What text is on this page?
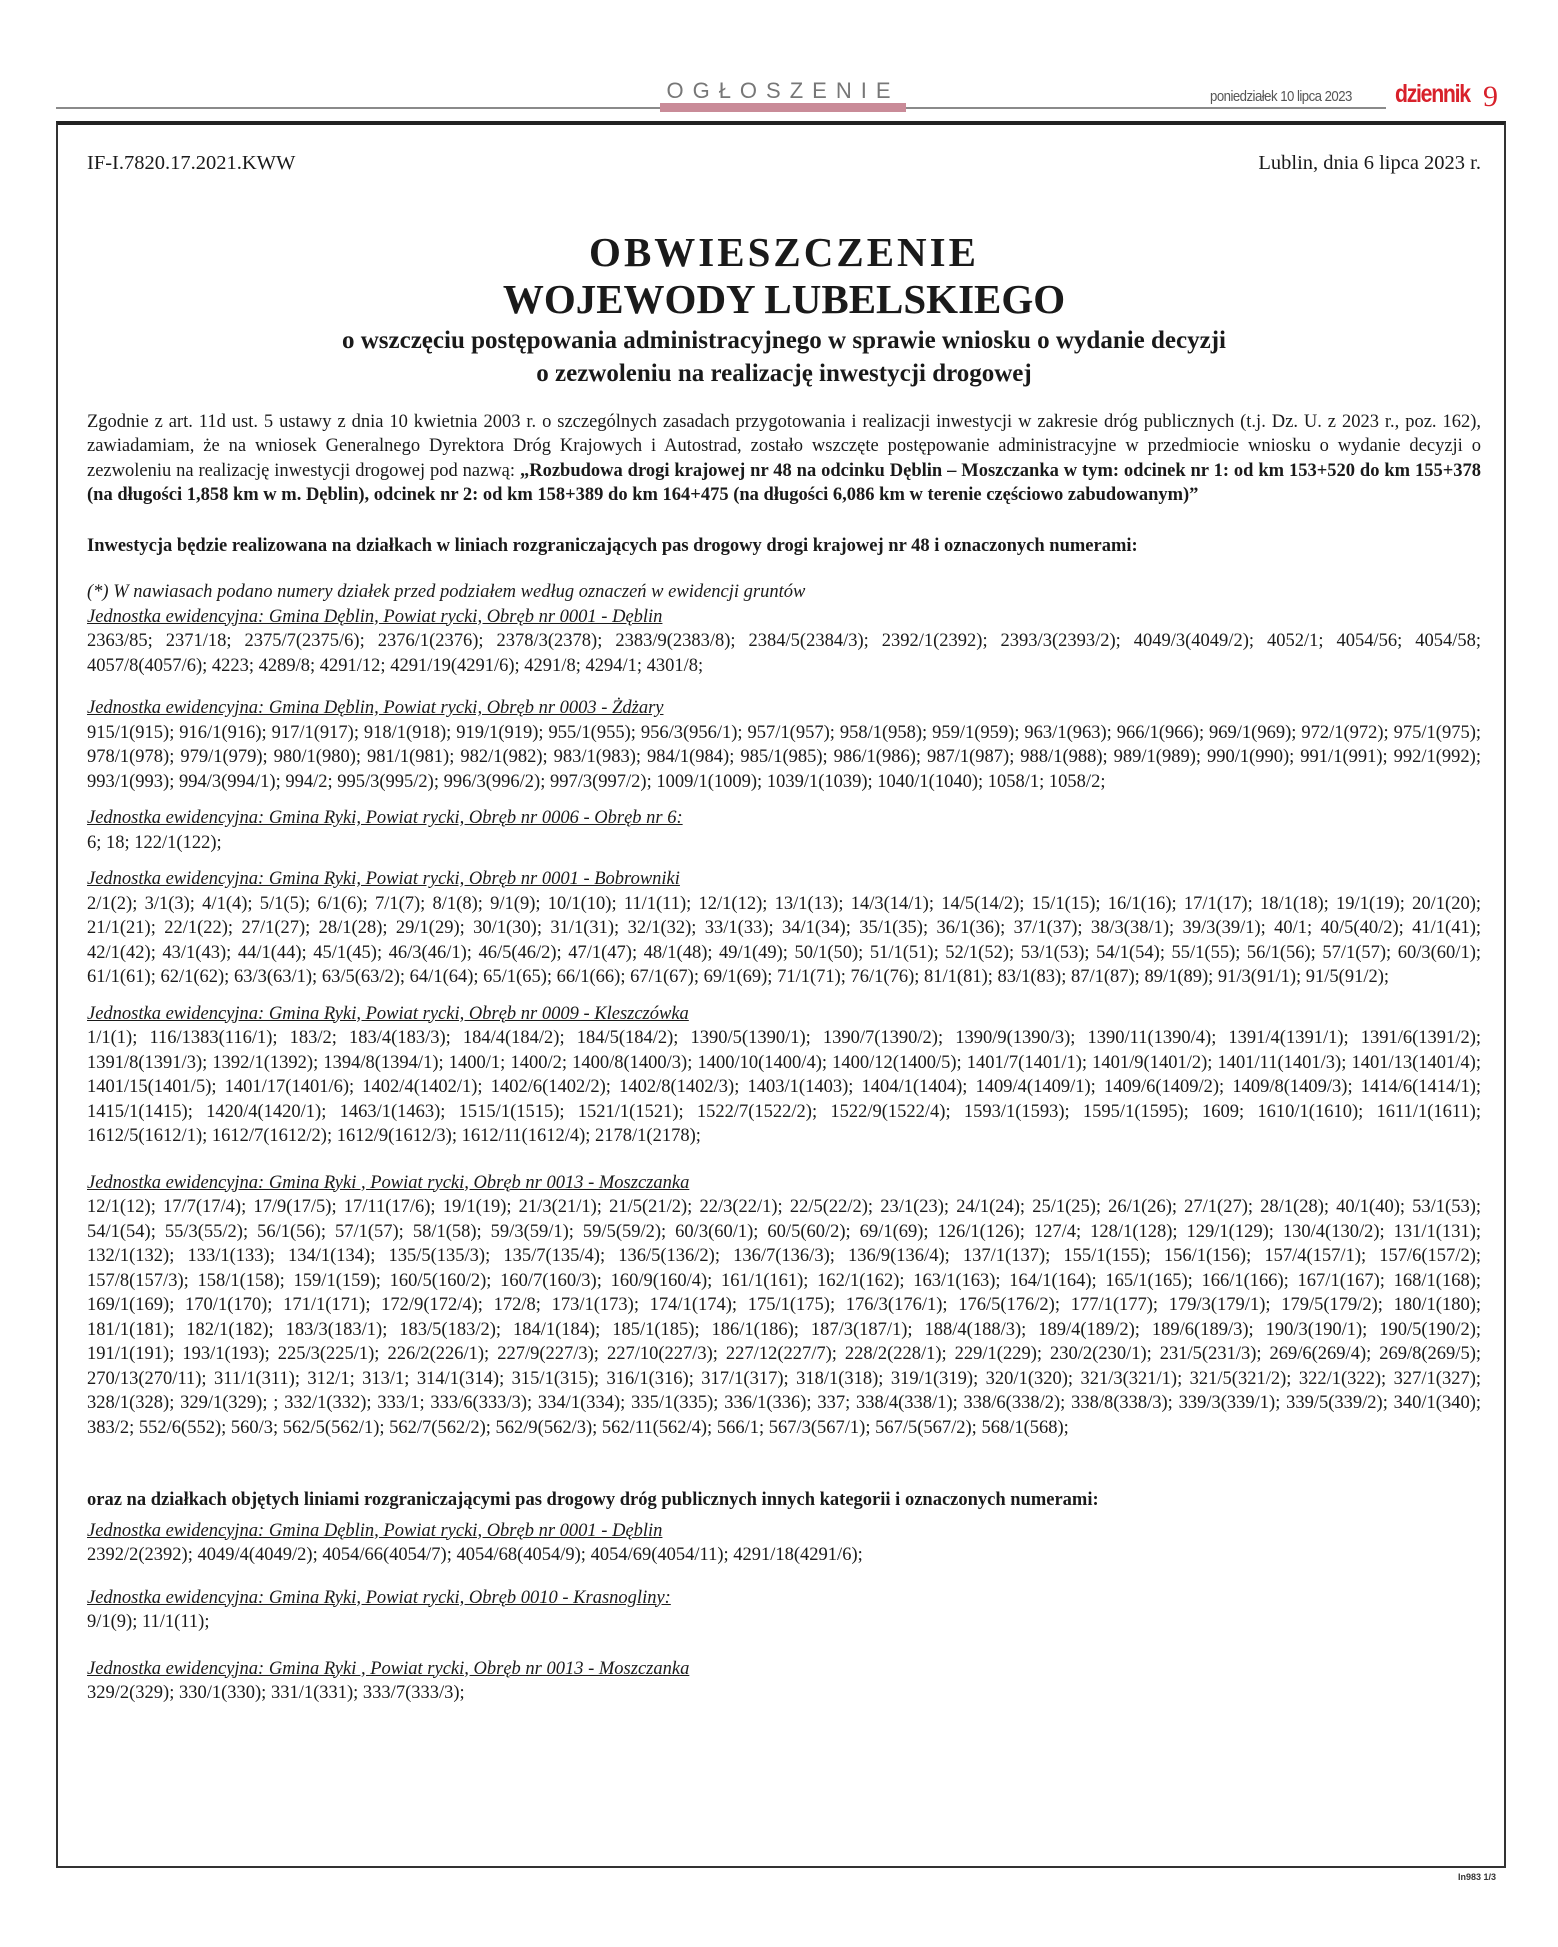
OGŁOSZENIE	poniedziałek 10 lipca 2023 dziennik 9
IF-I.7820.17.2021.KWW	Lublin, dnia 6 lipca 2023 r.
OBWIESZCZENIE
WOJEWODY LUBELSKIEGO
o wszczęciu postępowania administracyjnego w sprawie wniosku o wydanie decyzji
o zezwoleniu na realizację inwestycji drogowej
Zgodnie z art. 11d ust. 5 ustawy z dnia 10 kwietnia 2003 r. o szczególnych zasadach przygotowania i realizacji inwestycji w zakresie dróg publicznych (t.j. Dz. U. z 2023 r., poz. 162), zawiadamiam, że na wniosek Generalnego Dyrektora Dróg Krajowych i Autostrad, zostało wszczęte postępowanie administracyjne w przedmiocie wniosku o wydanie decyzji o zezwoleniu na realizację inwestycji drogowej pod nazwą: „Rozbudowa drogi krajowej nr 48 na odcinku Dęblin – Moszczanka w tym: odcinek nr 1: od km 153+520 do km 155+378 (na długości 1,858 km w m. Dęblin), odcinek nr 2: od km 158+389 do km 164+475 (na długości 6,086 km w terenie częściowo zabudowanym)”
Inwestycja będzie realizowana na działkach w liniach rozgraniczających pas drogowy drogi krajowej nr 48 i oznaczonych numerami:
(*) W nawiasach podano numery działek przed podziałem według oznaczeń w ewidencji gruntów
Jednostka ewidencyjna: Gmina Dęblin, Powiat rycki, Obręb nr 0001 - Dęblin
2363/85; 2371/18; 2375/7(2375/6); 2376/1(2376); 2378/3(2378); 2383/9(2383/8); 2384/5(2384/3); 2392/1(2392); 2393/3(2393/2); 4049/3(4049/2); 4052/1; 4054/56; 4054/58; 4057/8(4057/6); 4223; 4289/8; 4291/12; 4291/19(4291/6); 4291/8; 4294/1; 4301/8;
Jednostka ewidencyjna: Gmina Dęblin, Powiat rycki, Obręb nr 0003 - Żdżary
915/1(915); 916/1(916); 917/1(917); 918/1(918); 919/1(919); 955/1(955); 956/3(956/1); 957/1(957); 958/1(958); 959/1(959); 963/1(963); 966/1(966); 969/1(969); 972/1(972); 975/1(975); 978/1(978); 979/1(979); 980/1(980); 981/1(981); 982/1(982); 983/1(983); 984/1(984); 985/1(985); 986/1(986); 987/1(987); 988/1(988); 989/1(989); 990/1(990); 991/1(991); 992/1(992); 993/1(993); 994/3(994/1); 994/2; 995/3(995/2); 996/3(996/2); 997/3(997/2); 1009/1(1009); 1039/1(1039); 1040/1(1040); 1058/1; 1058/2;
Jednostka ewidencyjna: Gmina Ryki, Powiat rycki, Obręb nr 0006 - Obręb nr 6:
6; 18; 122/1(122);
Jednostka ewidencyjna: Gmina Ryki, Powiat rycki, Obręb nr 0001 - Bobrowniki
2/1(2); 3/1(3); 4/1(4); 5/1(5); 6/1(6); 7/1(7); 8/1(8); 9/1(9); 10/1(10); 11/1(11); 12/1(12); 13/1(13); 14/3(14/1); 14/5(14/2); 15/1(15); 16/1(16); 17/1(17); 18/1(18); 19/1(19); 20/1(20); 21/1(21); 22/1(22); 27/1(27); 28/1(28); 29/1(29); 30/1(30); 31/1(31); 32/1(32); 33/1(33); 34/1(34); 35/1(35); 36/1(36); 37/1(37); 38/3(38/1); 39/3(39/1); 40/1; 40/5(40/2); 41/1(41); 42/1(42); 43/1(43); 44/1(44); 45/1(45); 46/3(46/1); 46/5(46/2); 47/1(47); 48/1(48); 49/1(49); 50/1(50); 51/1(51); 52/1(52); 53/1(53); 54/1(54); 55/1(55); 56/1(56); 57/1(57); 60/3(60/1); 61/1(61); 62/1(62); 63/3(63/1); 63/5(63/2); 64/1(64); 65/1(65); 66/1(66); 67/1(67); 69/1(69); 71/1(71); 76/1(76); 81/1(81); 83/1(83); 87/1(87); 89/1(89); 91/3(91/1); 91/5(91/2);
Jednostka ewidencyjna: Gmina Ryki, Powiat rycki, Obręb nr 0009 - Kleszczówka
1/1(1); 116/1383(116/1); 183/2; 183/4(183/3); 184/4(184/2); 184/5(184/2); 1390/5(1390/1); 1390/7(1390/2); 1390/9(1390/3); 1390/11(1390/4); 1391/4(1391/1); 1391/6(1391/2); 1391/8(1391/3); 1392/1(1392); 1394/8(1394/1); 1400/1; 1400/2; 1400/8(1400/3); 1400/10(1400/4); 1400/12(1400/5); 1401/7(1401/1); 1401/9(1401/2); 1401/11(1401/3); 1401/13(1401/4); 1401/15(1401/5); 1401/17(1401/6); 1402/4(1402/1); 1402/6(1402/2); 1402/8(1402/3); 1403/1(1403); 1404/1(1404); 1409/4(1409/1); 1409/6(1409/2); 1409/8(1409/3); 1414/6(1414/1); 1415/1(1415); 1420/4(1420/1); 1463/1(1463); 1515/1(1515); 1521/1(1521); 1522/7(1522/2); 1522/9(1522/4); 1593/1(1593); 1595/1(1595); 1609; 1610/1(1610); 1611/1(1611); 1612/5(1612/1); 1612/7(1612/2); 1612/9(1612/3); 1612/11(1612/4); 2178/1(2178);
Jednostka ewidencyjna: Gmina Ryki , Powiat rycki, Obręb nr 0013 - Moszczanka
12/1(12); 17/7(17/4); 17/9(17/5); 17/11(17/6); 19/1(19); 21/3(21/1); 21/5(21/2); 22/3(22/1); 22/5(22/2); 23/1(23); 24/1(24); 25/1(25); 26/1(26); 27/1(27); 28/1(28); 40/1(40); 53/1(53); 54/1(54); 55/3(55/2); 56/1(56); 57/1(57); 58/1(58); 59/3(59/1); 59/5(59/2); 60/3(60/1); 60/5(60/2); 69/1(69); 126/1(126); 127/4; 128/1(128); 129/1(129); 130/4(130/2); 131/1(131); 132/1(132); 133/1(133); 134/1(134); 135/5(135/3); 135/7(135/4); 136/5(136/2); 136/7(136/3); 136/9(136/4); 137/1(137); 155/1(155); 156/1(156); 157/4(157/1); 157/6(157/2); 157/8(157/3); 158/1(158); 159/1(159); 160/5(160/2); 160/7(160/3); 160/9(160/4); 161/1(161); 162/1(162); 163/1(163); 164/1(164); 165/1(165); 166/1(166); 167/1(167); 168/1(168); 169/1(169); 170/1(170); 171/1(171); 172/9(172/4); 172/8; 173/1(173); 174/1(174); 175/1(175); 176/3(176/1); 176/5(176/2); 177/1(177); 179/3(179/1); 179/5(179/2); 180/1(180); 181/1(181); 182/1(182); 183/3(183/1); 183/5(183/2); 184/1(184); 185/1(185); 186/1(186); 187/3(187/1); 188/4(188/3); 189/4(189/2); 189/6(189/3); 190/3(190/1); 190/5(190/2); 191/1(191); 193/1(193); 225/3(225/1); 226/2(226/1); 227/9(227/3); 227/10(227/3); 227/12(227/7); 228/2(228/1); 229/1(229); 230/2(230/1); 231/5(231/3); 269/6(269/4); 269/8(269/5); 270/13(270/11); 311/1(311); 312/1; 313/1; 314/1(314); 315/1(315); 316/1(316); 317/1(317); 318/1(318); 319/1(319); 320/1(320); 321/3(321/1); 321/5(321/2); 322/1(322); 327/1(327); 328/1(328); 329/1(329); ; 332/1(332); 333/1; 333/6(333/3); 334/1(334); 335/1(335); 336/1(336); 337; 338/4(338/1); 338/6(338/2); 338/8(338/3); 339/3(339/1); 339/5(339/2); 340/1(340); 383/2; 552/6(552); 560/3; 562/5(562/1); 562/7(562/2); 562/9(562/3); 562/11(562/4); 566/1; 567/3(567/1); 567/5(567/2); 568/1(568);
oraz na działkach objętych liniami rozgraniczającymi pas drogowy dróg publicznych innych kategorii i oznaczonych numerami:
Jednostka ewidencyjna: Gmina Dęblin, Powiat rycki, Obręb nr 0001 - Dęblin
2392/2(2392); 4049/4(4049/2); 4054/66(4054/7); 4054/68(4054/9); 4054/69(4054/11); 4291/18(4291/6);
Jednostka ewidencyjna: Gmina Ryki, Powiat rycki, Obręb 0010 - Krasnogliny:
9/1(9); 11/1(11);
Jednostka ewidencyjna: Gmina Ryki , Powiat rycki, Obręb nr 0013 - Moszczanka
329/2(329); 330/1(330); 331/1(331); 333/7(333/3);
In983 1/3
